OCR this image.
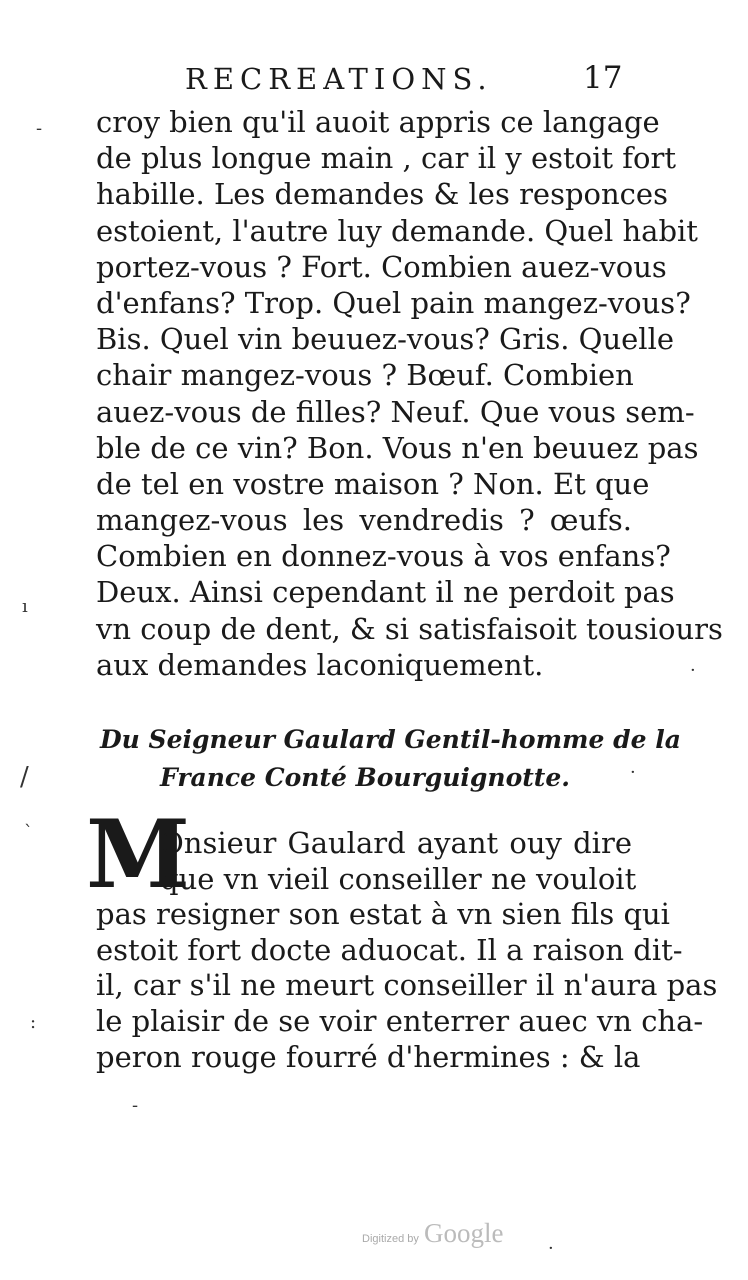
RECREATIONS.	17
croy bien qu'il auoit appris ce langage
de plus longue main , car il y estoit fort
habille. Les demandes & les responces
estoient, l'autre luy demande. Quel habit
portez-vous ? Fort. Combien auez-vous
d'enfans? Trop. Quel pain mangez-vous?
Bis. Quel vin beuuez-vous? Gris. Quelle
chair mangez-vous ? Bœuf. Combien
auez-vous de filles? Neuf. Que vous sem-
ble de ce vin? Bon. Vous n'en beuuez pas
de tel en vostre maison ? Non. Et que
mangez-vous les vendredis ? œufs.
Combien en donnez-vous à vos enfans?
Deux. Ainsi cependant il ne perdoit pas
vn coup de dent, & si satisfaisoit tousiours
aux demandes laconiquement.
Du Seigneur Gaulard Gentil-homme de la
France Conté Bourguignotte.
M
Onsieur Gaulard ayant ouy dire
que vn vieil conseiller ne vouloit
pas resigner son estat à vn sien fils qui
estoit fort docte aduocat. Il a raison dit-
il, car s'il ne meurt conseiller il n'aura pas
le plaisir de se voir enterrer auec vn cha-
peron rouge fourré d'hermines : & la
-
ı
/
`
:
·
·
-
·
Digitized by Google
